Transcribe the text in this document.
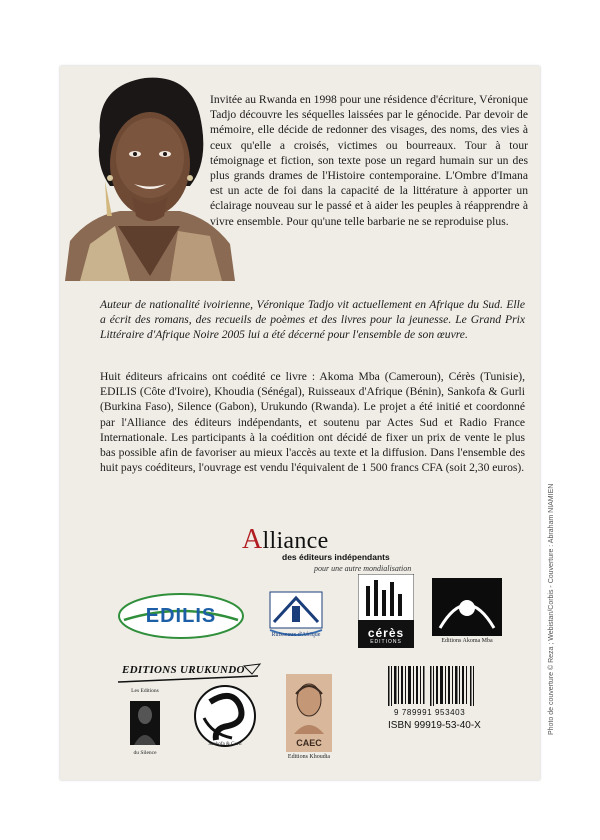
Invitée au Rwanda en 1998 pour une résidence d'écriture, Véronique Tadjo découvre les séquelles laissées par le génocide. Par devoir de mémoire, elle décide de redonner des visages, des noms, des vies à ceux qu'elle a croisés, victimes ou bourreaux. Tour à tour témoignage et fiction, son texte pose un regard humain sur un des plus grands drames de l'Histoire contemporaine. L'Ombre d'Imana est un acte de foi dans la capacité de la littérature à apporter un éclairage nouveau sur le passé et à aider les peuples à réapprendre à vivre ensemble. Pour qu'une telle barbarie ne se reproduise plus.

Auteur de nationalité ivoirienne, Véronique Tadjo vit actuellement en Afrique du Sud. Elle a écrit des romans, des recueils de poèmes et des livres pour la jeunesse. Le Grand Prix Littéraire d'Afrique Noire 2005 lui a été décerné pour l'ensemble de son œuvre.

Huit éditeurs africains ont coédité ce livre : Akoma Mba (Cameroun), Cérès (Tunisie), EDILIS (Côte d'Ivoire), Khoudia (Sénégal), Ruisseaux d'Afrique (Bénin), Sankofa & Gurli (Burkina Faso), Silence (Gabon), Urukundo (Rwanda). Le projet a été initié et coordonné par l'Alliance des éditeurs indépendants, et soutenu par Actes Sud et Radio France Internationale. Les participants à la coédition ont décidé de fixer un prix de vente le plus bas possible afin de favoriser au mieux l'accès au texte et la diffusion. Dans l'ensemble des huit pays coéditeurs, l'ouvrage est vendu l'équivalent de 1 500 francs CFA (soit 2,30 euros).

Alliance
des éditeurs indépendants
pour une autre mondialisation
EDILIS
Ruisseaux d'Afrique	cérès
EDITIONS	Editions Akoma Mba
EDITIONS URUKUNDO
Les Editions
du Silence
Sankofa & Gurli	CAEC
Editions Khoudia
9 789991 953403
ISBN 99919-53-40-X	Photo de couverture © Reza ; Webistan/Corbis - Couverture : Abraham NIAMIEN
